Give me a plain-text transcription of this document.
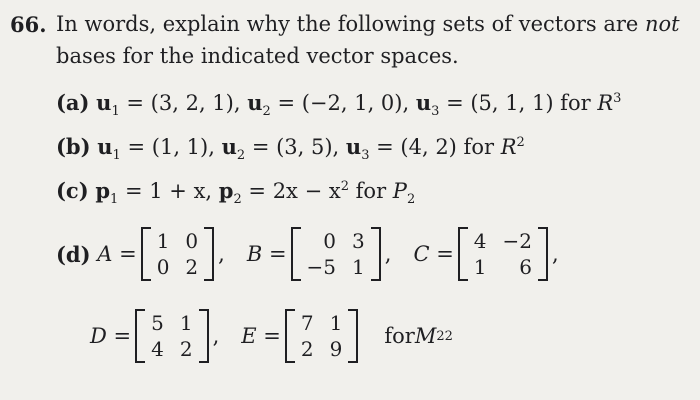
66. In words, explain why the following sets of vectors are not
bases for the indicated vector spaces.
(a) $u_1 = (3$, 2, 1), $u_2 = (-2$, 1, 0), $u_3 = (5$, 1, 1) for $R^3$
(b) $u_1 = (1$, 1), $u_2 = (3$, 5), $u_3 = (4$, 2) for $R^2$
(c) $p_1 = 1 + x$, $p_2 = 2x - x^2$ for $P_2$
(d)
A =
1 0
0 2
, B =
0 3
−5 1
, C =
4 −2
1	6
,
D =
5 1
4 2
, E =
7 1
2 9
for M 22
